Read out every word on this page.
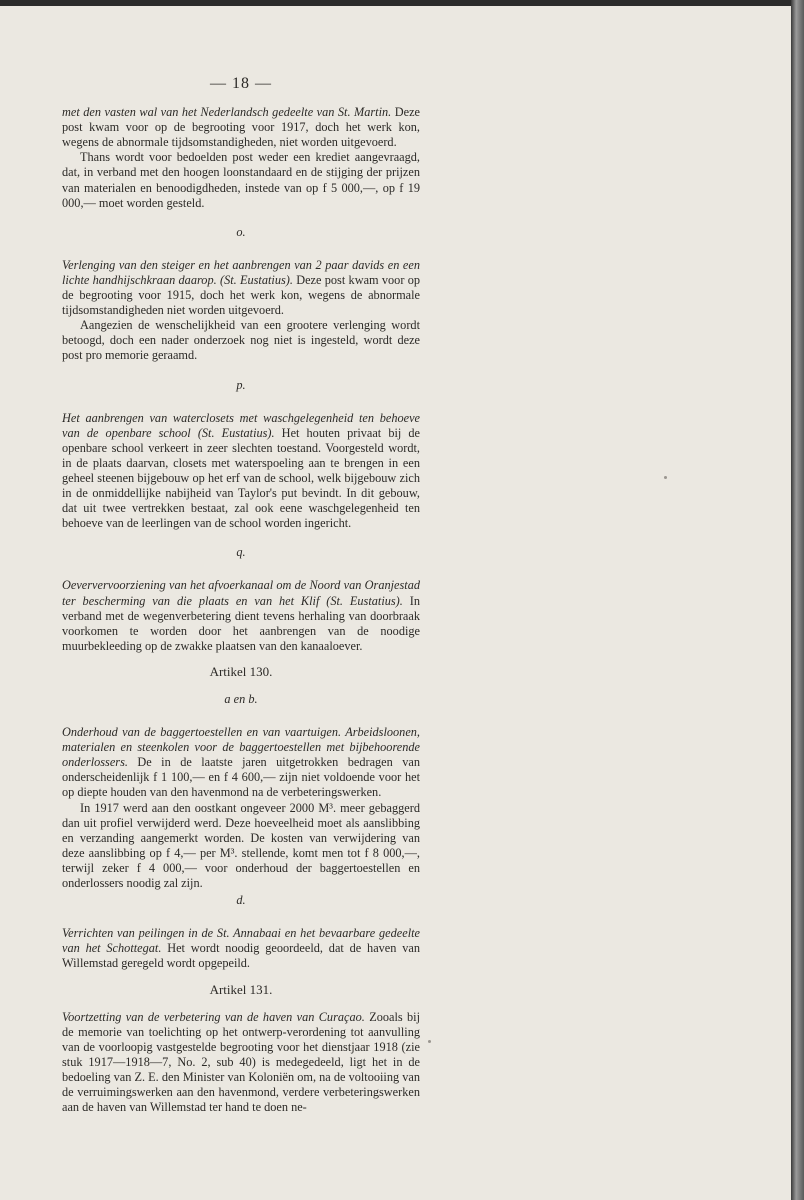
— 18 —

met den vasten wal van het Nederlandsch gedeelte van St. Martin. Deze post kwam voor op de begrooting voor 1917, doch het werk kon, wegens de abnormale tijdsomstandigheden, niet worden uitgevoerd.

Thans wordt voor bedoelden post weder een krediet aangevraagd, dat, in verband met den hoogen loonstandaard en de stijging der prijzen van materialen en benoodigdheden, instede van op f 5 000,—, op f 19 000,— moet worden gesteld.

o.

Verlenging van den steiger en het aanbrengen van 2 paar davids en een lichte handhijschkraan daarop. (St. Eustatius). Deze post kwam voor op de begrooting voor 1915, doch het werk kon, wegens de abnormale tijdsomstandigheden niet worden uitgevoerd.

Aangezien de wenschelijkheid van een grootere verlenging wordt betoogd, doch een nader onderzoek nog niet is ingesteld, wordt deze post pro memorie geraamd.

p.

Het aanbrengen van waterclosets met waschgelegenheid ten behoeve van de openbare school (St. Eustatius). Het houten privaat bij de openbare school verkeert in zeer slechten toestand. Voorgesteld wordt, in de plaats daarvan, closets met waterspoeling aan te brengen in een geheel steenen bijgebouw op het erf van de school, welk bijgebouw zich in de onmiddellijke nabijheid van Taylor's put bevindt. In dit gebouw, dat uit twee vertrekken bestaat, zal ook eene waschgelegenheid ten behoeve van de leerlingen van de school worden ingericht.

q.

Oeververvoorziening van het afvoerkanaal om de Noord van Oranjestad ter bescherming van die plaats en van het Klif (St. Eustatius). In verband met de wegenverbetering dient tevens herhaling van doorbraak voorkomen te worden door het aanbrengen van de noodige muurbekleeding op de zwakke plaatsen van den kanaaloever.

Artikel 130.
a en b.

Onderhoud van de baggertoestellen en van vaartuigen. Arbeidsloonen, materialen en steenkolen voor de baggertoestellen met bijbehoorende onderlossers. De in de laatste jaren uitgetrokken bedragen van onderscheidenlijk f 1 100,— en f 4 600,— zijn niet voldoende voor het op diepte houden van den havenmond na de verbeteringswerken.

In 1917 werd aan den oostkant ongeveer 2000 M³. meer gebaggerd dan uit profiel verwijderd werd. Deze hoeveelheid moet als aanslibbing en verzanding aangemerkt worden. De kosten van verwijdering van deze aanslibbing op f 4,— per M³. stellende, komt men tot f 8 000,—, terwijl zeker f 4 000,— voor onderhoud der baggertoestellen en onderlossers noodig zal zijn.

d.

Verrichten van peilingen in de St. Annabaai en het bevaarbare gedeelte van het Schottegat. Het wordt noodig geoordeeld, dat de haven van Willemstad geregeld wordt opgepeild.

Artikel 131.

Voortzetting van de verbetering van de haven van Curaçao. Zooals bij de memorie van toelichting op het ontwerp-verordening tot aanvulling van de voorloopig vastgestelde begrooting voor het dienstjaar 1918 (zie stuk 1917—1918—7, No. 2, sub 40) is medegedeeld, ligt het in de bedoeling van Z. E. den Minister van Koloniën om, na de voltooiing van de verruimingswerken aan den havenmond, verdere verbeteringswerken aan de haven van Willemstad ter hand te doen ne-
